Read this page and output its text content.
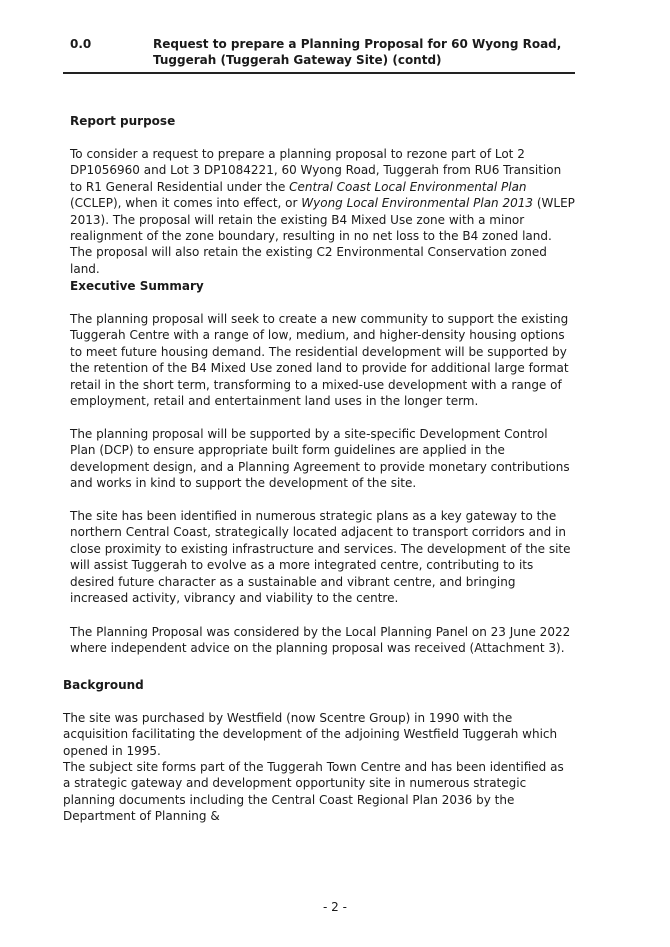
0.0	Request to prepare a Planning Proposal for 60 Wyong Road, Tuggerah (Tuggerah Gateway Site) (contd)
Report purpose
To consider a request to prepare a planning proposal to rezone part of Lot 2 DP1056960 and Lot 3 DP1084221, 60 Wyong Road, Tuggerah from RU6 Transition to R1 General Residential under the Central Coast Local Environmental Plan (CCLEP), when it comes into effect, or Wyong Local Environmental Plan 2013 (WLEP 2013). The proposal will retain the existing B4 Mixed Use zone with a minor realignment of the zone boundary, resulting in no net loss to the B4 zoned land. The proposal will also retain the existing C2 Environmental Conservation zoned land.
Executive Summary

The planning proposal will seek to create a new community to support the existing Tuggerah Centre with a range of low, medium, and higher-density housing options to meet future housing demand. The residential development will be supported by the retention of the B4 Mixed Use zoned land to provide for additional large format retail in the short term, transforming to a mixed-use development with a range of employment, retail and entertainment land uses in the longer term.

The planning proposal will be supported by a site-specific Development Control Plan (DCP) to ensure appropriate built form guidelines are applied in the development design, and a Planning Agreement to provide monetary contributions and works in kind to support the development of the site.

The site has been identified in numerous strategic plans as a key gateway to the northern Central Coast, strategically located adjacent to transport corridors and in close proximity to existing infrastructure and services. The development of the site will assist Tuggerah to evolve as a more integrated centre, contributing to its desired future character as a sustainable and vibrant centre, and bringing increased activity, vibrancy and viability to the centre.

The Planning Proposal was considered by the Local Planning Panel on 23 June 2022 where independent advice on the planning proposal was received (Attachment 3).

Background

The site was purchased by Westfield (now Scentre Group) in 1990 with the acquisition facilitating the development of the adjoining Westfield Tuggerah which opened in 1995.

The subject site forms part of the Tuggerah Town Centre and has been identified as a strategic gateway and development opportunity site in numerous strategic planning documents including the Central Coast Regional Plan 2036 by the Department of Planning &

- 2 -
